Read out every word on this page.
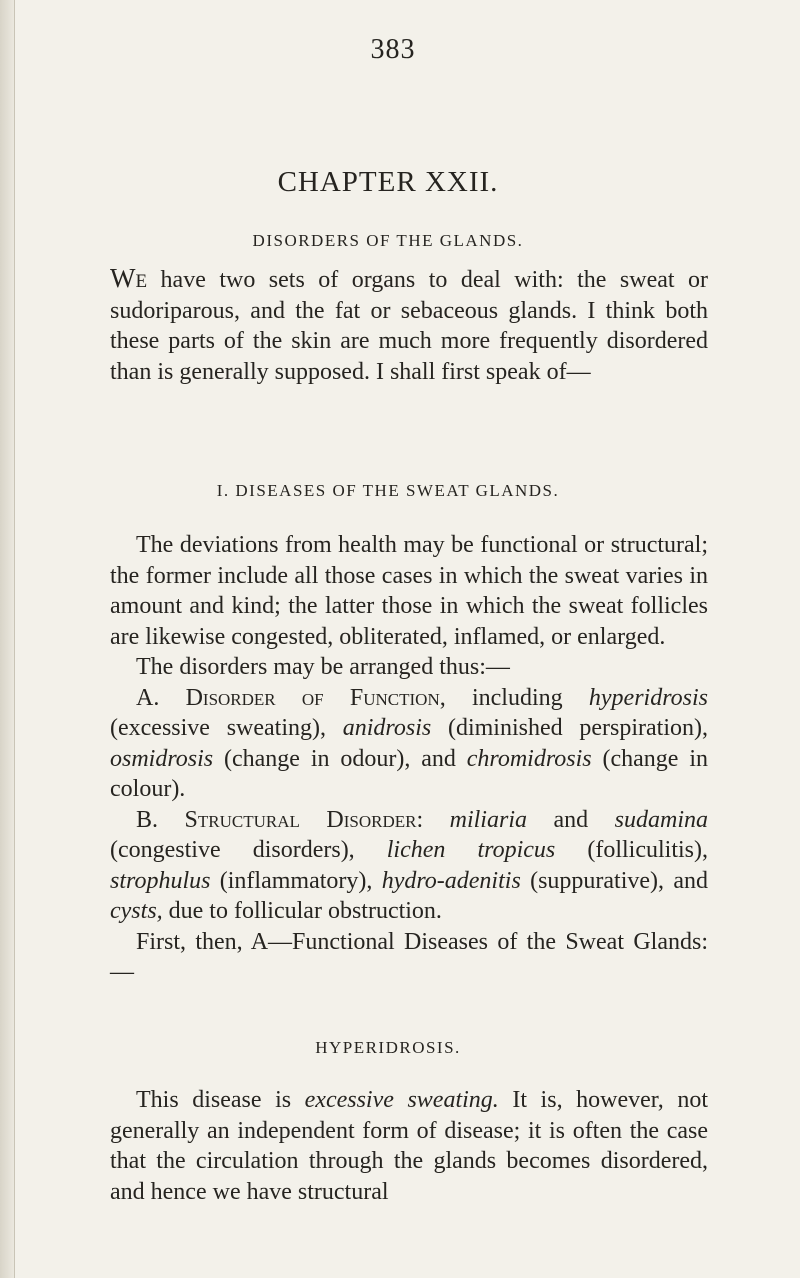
383
CHAPTER XXII.
DISORDERS OF THE GLANDS.

We have two sets of organs to deal with: the sweat or sudoriparous, and the fat or sebaceous glands. I think both these parts of the skin are much more frequently disordered than is generally supposed. I shall first speak of—

I. DISEASES OF THE SWEAT GLANDS.

The deviations from health may be functional or structural; the former include all those cases in which the sweat varies in amount and kind; the latter those in which the sweat follicles are likewise congested, obliterated, inflamed, or enlarged.

The disorders may be arranged thus:—

A. Disorder of Function, including hyperidrosis (excessive sweating), anidrosis (diminished perspiration), osmidrosis (change in odour), and chromidrosis (change in colour).

B. Structural Disorder: miliaria and sudamina (congestive disorders), lichen tropicus (folliculitis), strophulus (inflammatory), hydro-adenitis (suppurative), and cysts, due to follicular obstruction.

First, then, A—Functional Diseases of the Sweat Glands:—

HYPERIDROSIS.

This disease is excessive sweating. It is, however, not generally an independent form of disease; it is often the case that the circulation through the glands becomes disordered, and hence we have structural
